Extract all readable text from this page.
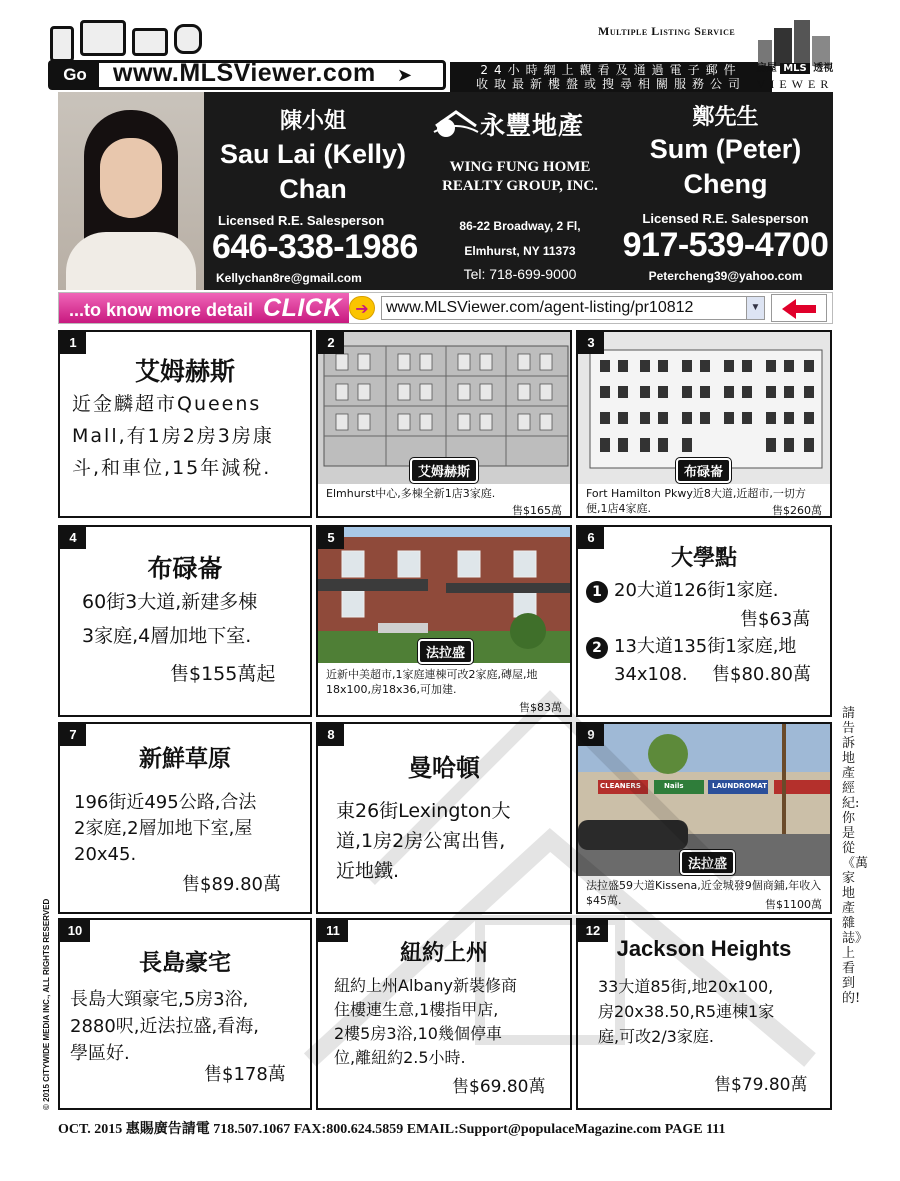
Go	www.MLSViewer.com ➤
Multiple Listing Service
24小時網上觀看及通過電子郵件
收取最新樓盤或搜尋相關服務公司
房屋 MLS 透視
VIEWER
陳小姐
Sau Lai (Kelly)
Chan
Licensed R.E. Salesperson
646-338-1986
Kellychan8re@gmail.com
永豐地產
WING FUNG HOME
REALTY GROUP, INC.
86-22 Broadway, 2 Fl,
Elmhurst, NY 11373
Tel: 718-699-9000
鄭先生
Sum (Peter)
Cheng
Licensed R.E. Salesperson
917-539-4700
Petercheng39@yahoo.com
...to know more detail CLICK ➔	www.MLSViewer.com/agent-listing/pr10812	▼
1
艾姆赫斯
近金麟超市Queens
Mall,有1房2房3房康
斗,和車位,15年減稅.
2
艾姆赫斯
Elmhurst中心,多棟全新1店3家庭.
售$165萬
3
布碌崙
Fort Hamilton Pkwy近8大道,近超市,一切方便,1店4家庭.	售$260萬
4
布碌崙
60街3大道,新建多棟
3家庭,4層加地下室.
售$155萬起
5
法拉盛
近新中美超市,1家庭連棟可改2家庭,磚屋,地18x100,房18x36,可加建.
售$83萬
6
大學點
1 20大道126街1家庭.
售$63萬
2 13大道135街1家庭,地
34x108. 售$80.80萬
7
新鮮草原
196街近495公路,合法
2家庭,2層加地下室,屋
20x45.
售$89.80萬
8
曼哈頓
東26街Lexington大
道,1房2房公寓出售,
近地鐵.
9
CLEANERS	Nails	LAUNDROMAT
法拉盛
法拉盛59大道Kissena,近金城發9個商鋪,年收入$45萬.	售$1100萬
10
長島豪宅
長島大頸豪宅,5房3浴,
2880呎,近法拉盛,看海,
學區好.
售$178萬
11
紐約上州
紐約上州Albany新裝修商
住樓連生意,1樓指甲店,
2樓5房3浴,10幾個停車
位,離紐約2.5小時.
售$69.80萬
12
Jackson Heights
33大道85街,地20x100,
房20x38.50,R5連棟1家
庭,可改2/3家庭.
售$79.80萬
請告訴地產經紀:你是從《萬家地產雜誌》上看到的!
© 2015 CITYWIDE MEDIA INC., ALL RIGHTS RESERVED
OCT. 2015 惠賜廣告請電 718.507.1067 FAX:800.624.5859 EMAIL:Support@populaceMagazine.com PAGE 111
